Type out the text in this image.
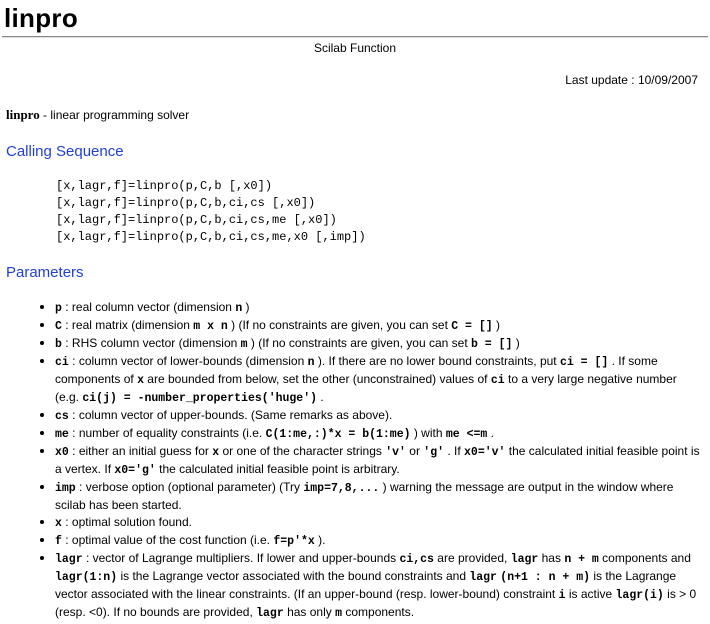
linpro
Scilab Function
Last update : 10/09/2007
linpro - linear programming solver
Calling Sequence
[x,lagr,f]=linpro(p,C,b [,x0])
[x,lagr,f]=linpro(p,C,b,ci,cs [,x0])
[x,lagr,f]=linpro(p,C,b,ci,cs,me [,x0])
[x,lagr,f]=linpro(p,C,b,ci,cs,me,x0 [,imp])
Parameters
p : real column vector (dimension n )
C : real matrix (dimension m x n ) (If no constraints are given, you can set C = [] )
b : RHS column vector (dimension m ) (If no constraints are given, you can set b = [] )
ci : column vector of lower-bounds (dimension n ). If there are no lower bound constraints, put ci = [] . If some components of x are bounded from below, set the other (unconstrained) values of ci to a very large negative number (e.g. ci(j) = -number_properties('huge') .
cs : column vector of upper-bounds. (Same remarks as above).
me : number of equality constraints (i.e. C(1:me,:)*x = b(1:me) ) with me <=m .
x0 : either an initial guess for x or one of the character strings 'v' or 'g' . If x0='v' the calculated initial feasible point is a vertex. If x0='g' the calculated initial feasible point is arbitrary.
imp : verbose option (optional parameter) (Try imp=7,8,... ) warning the message are output in the window where scilab has been started.
x : optimal solution found.
f : optimal value of the cost function (i.e. f=p'*x ).
lagr : vector of Lagrange multipliers. If lower and upper-bounds ci,cs are provided, lagr has n + m components and lagr(1:n) is the Lagrange vector associated with the bound constraints and lagr (n+1 : n + m) is the Lagrange vector associated with the linear constraints. (If an upper-bound (resp. lower-bound) constraint i is active lagr(i) is > 0 (resp. <0). If no bounds are provided, lagr has only m components.
